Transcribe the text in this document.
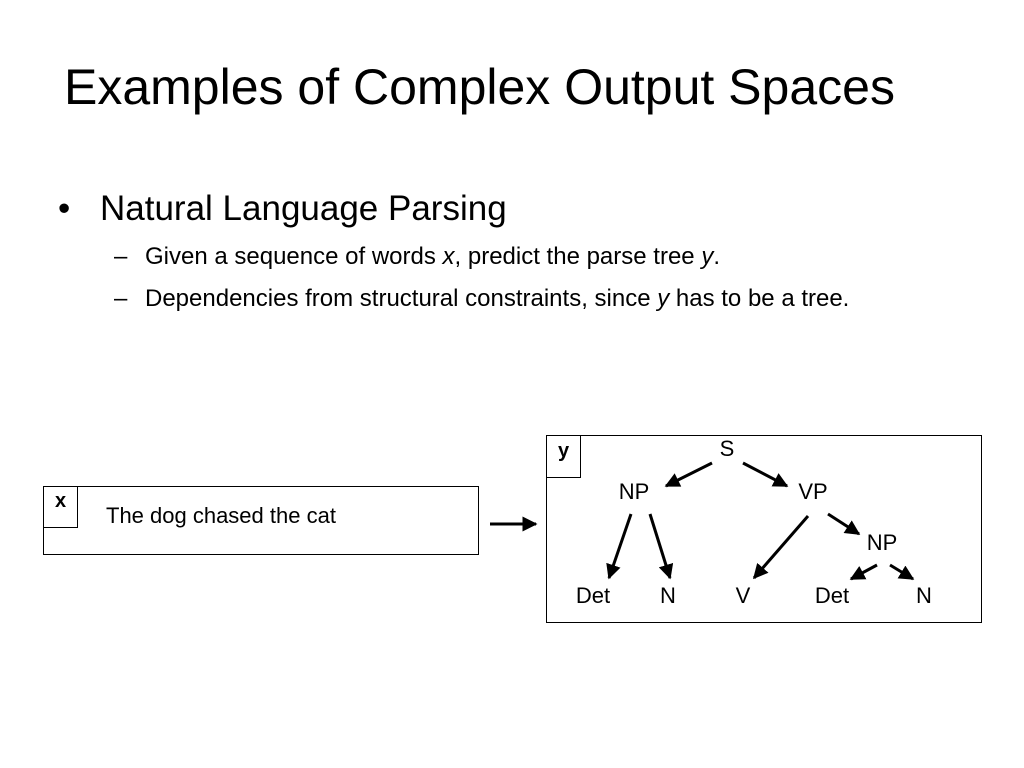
Examples of Complex Output Spaces
• Natural Language Parsing
– Given a sequence of words x, predict the parse tree y.
– Dependencies from structural constraints, since y has to be a tree.
x
The dog chased the cat
y	S
NP	VP
NP
Det N	V	Det	N
